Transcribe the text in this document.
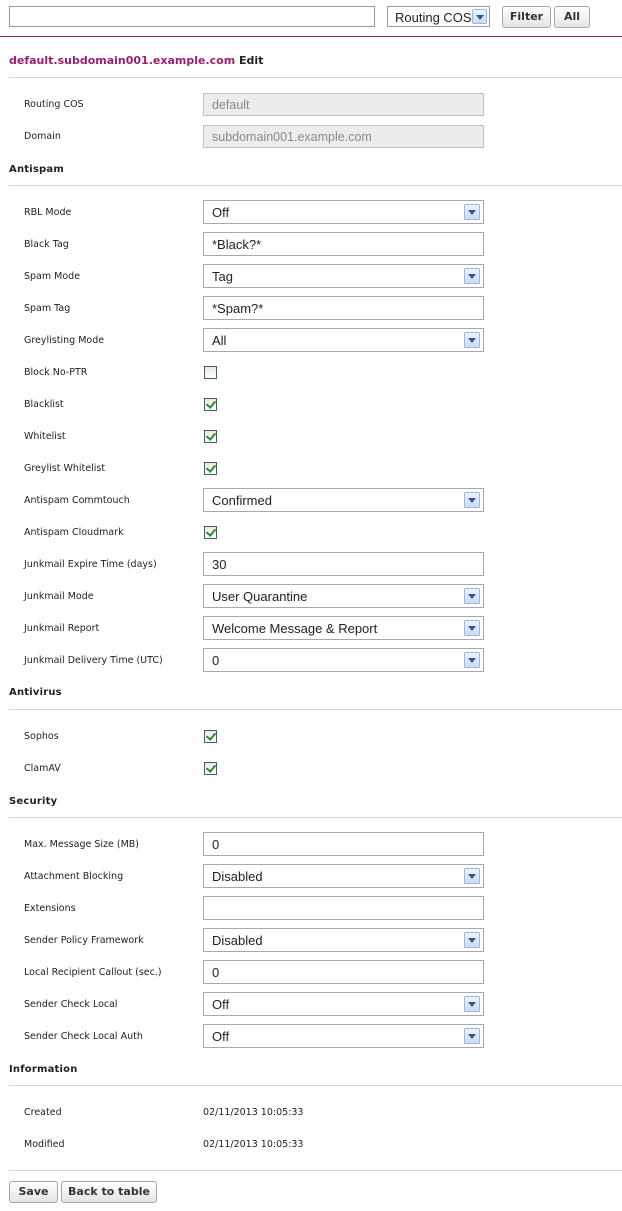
Routing COS	Filter	All
default.subdomain001.example.com Edit
Routing COS	default
Domain	subdomain001.example.com
Antispam
RBL Mode	Off
Black Tag	*Black?*
Spam Mode	Tag
Spam Tag	*Spam?*
Greylisting Mode	All
Block No-PTR
Blacklist
Whitelist
Greylist Whitelist
Antispam Commtouch	Confirmed
Antispam Cloudmark
Junkmail Expire Time (days)	30
Junkmail Mode	User Quarantine
Junkmail Report	Welcome Message & Report
Junkmail Delivery Time (UTC)	0
Antivirus
Sophos
ClamAV
Security
Max. Message Size (MB)	0
Attachment Blocking	Disabled
Extensions
Sender Policy Framework	Disabled
Local Recipient Callout (sec.)	0
Sender Check Local	Off
Sender Check Local Auth	Off
Information
Created	02/11/2013 10:05:33
Modified	02/11/2013 10:05:33
Save	Back to table
